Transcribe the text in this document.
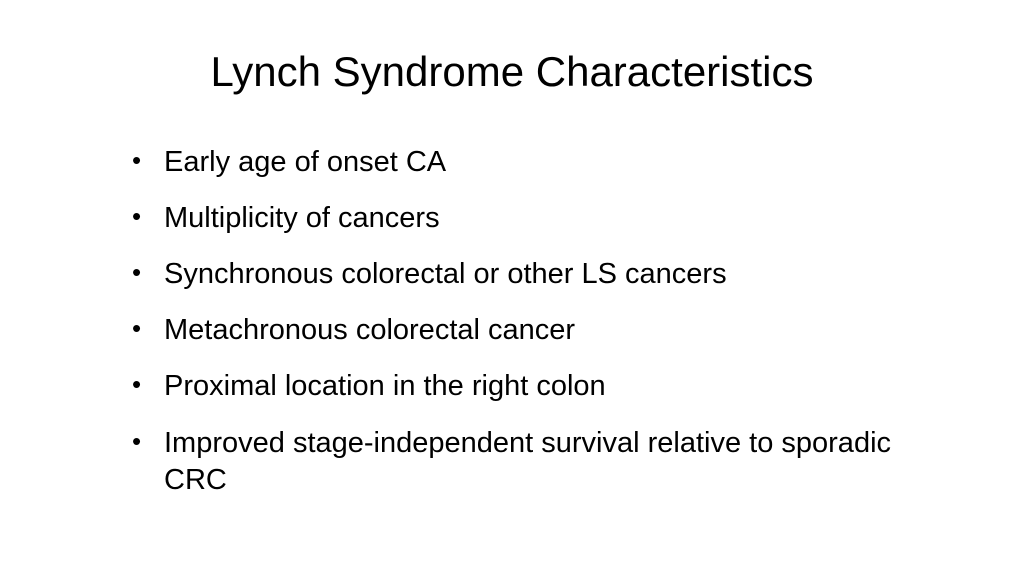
Lynch Syndrome Characteristics
• Early age of onset CA
• Multiplicity of cancers
• Synchronous colorectal or other LS cancers
• Metachronous colorectal cancer
• Proximal location in the right colon
• Improved stage-independent survival relative to sporadic CRC
